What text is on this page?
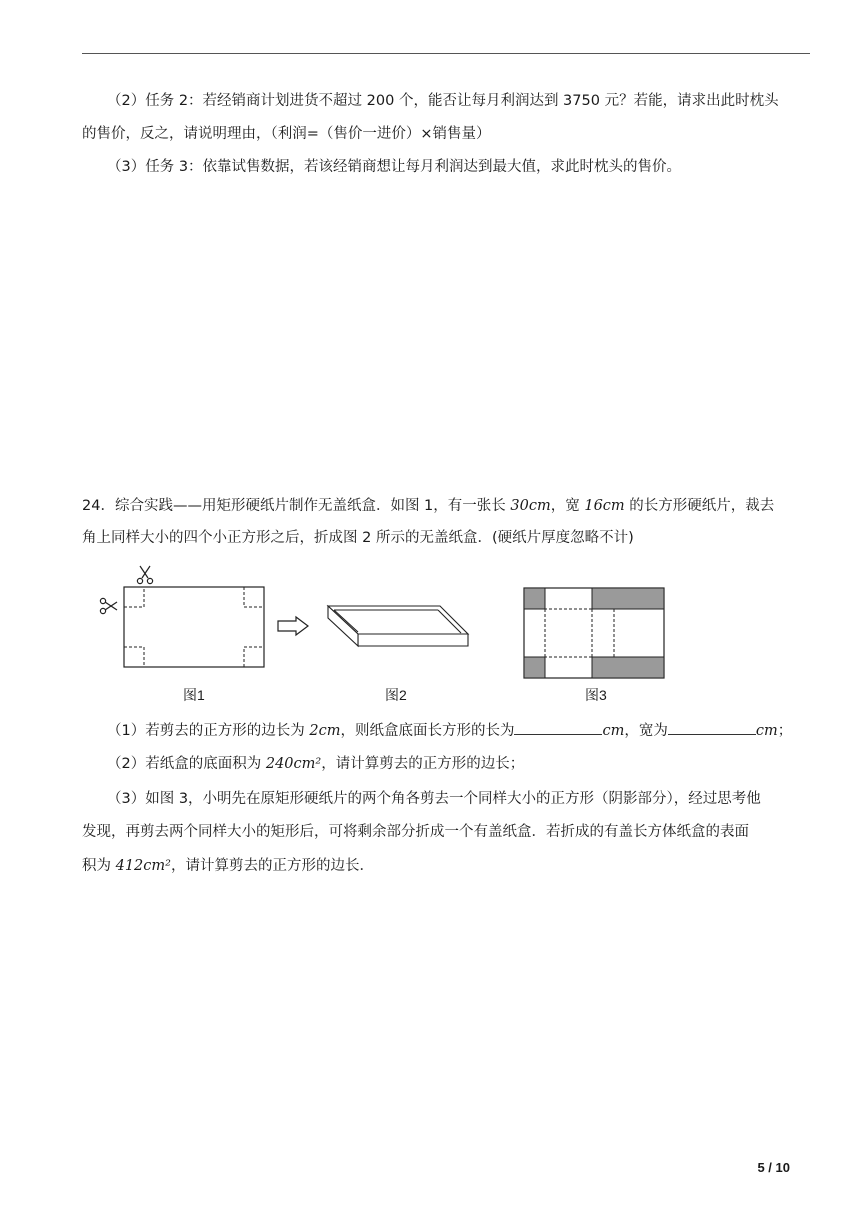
（2）任务 2：若经销商计划进货不超过 200 个，能否让每月利润达到 3750 元？若能，请求出此时枕头
的售价，反之，请说明理由，（利润=（售价一进价）×销售量）
（3）任务 3：依靠试售数据，若该经销商想让每月利润达到最大值，求此时枕头的售价。
24．综合实践——用矩形硬纸片制作无盖纸盒．如图 1，有一张长 30cm，宽 16cm 的长方形硬纸片，裁去
角上同样大小的四个小正方形之后，折成图 2 所示的无盖纸盒．(硬纸片厚度忽略不计)
图1	图2	图3
（1）若剪去的正方形的边长为 2cm，则纸盒底面长方形的长为	cm，宽为	cm；
（2）若纸盒的底面积为 240cm²，请计算剪去的正方形的边长；
（3）如图 3，小明先在原矩形硬纸片的两个角各剪去一个同样大小的正方形（阴影部分），经过思考他
发现，再剪去两个同样大小的矩形后，可将剩余部分折成一个有盖纸盒．若折成的有盖长方体纸盒的表面
积为 412cm²，请计算剪去的正方形的边长．
5 / 10
